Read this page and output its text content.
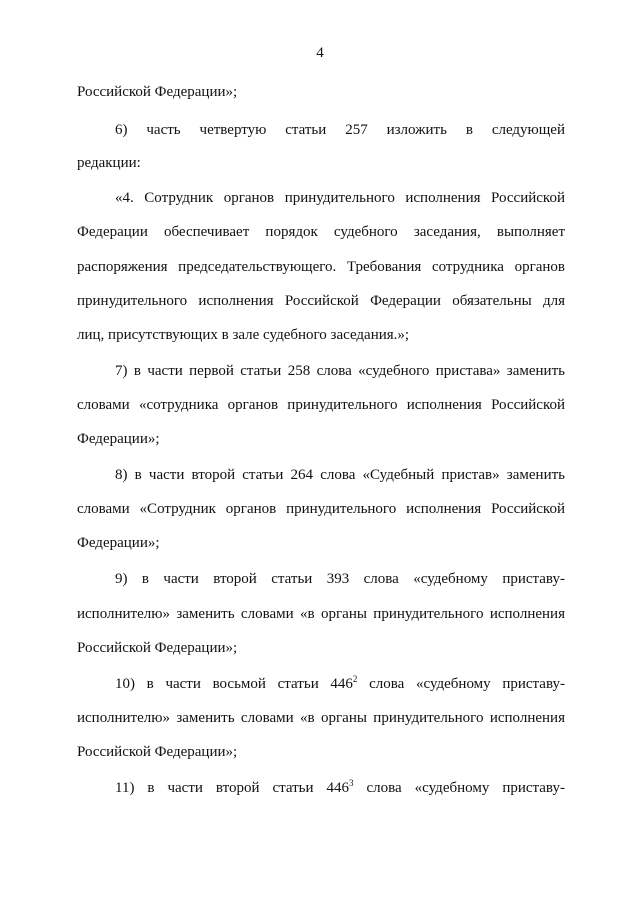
4
Российской Федерации»;
6) часть четвертую статьи 257 изложить в следующей
редакции:
«4. Сотрудник органов принудительного исполнения Российской
Федерации обеспечивает порядок судебного заседания, выполняет
распоряжения председательствующего. Требования сотрудника органов
принудительного исполнения Российской Федерации обязательны для
лиц, присутствующих в зале судебного заседания.»;
7) в части первой статьи 258 слова «судебного пристава» заменить
словами «сотрудника органов принудительного исполнения Российской
Федерации»;
8) в части второй статьи 264 слова «Судебный пристав» заменить
словами «Сотрудник органов принудительного исполнения Российской
Федерации»;
9) в части второй статьи 393 слова «судебному приставу-
исполнителю» заменить словами «в органы принудительного исполнения
Российской Федерации»;
10) в части восьмой статьи $446^2$ слова «судебному приставу-
исполнителю» заменить словами «в органы принудительного исполнения
Российской Федерации»;
11) в части второй статьи $446^3$ слова «судебному приставу-
